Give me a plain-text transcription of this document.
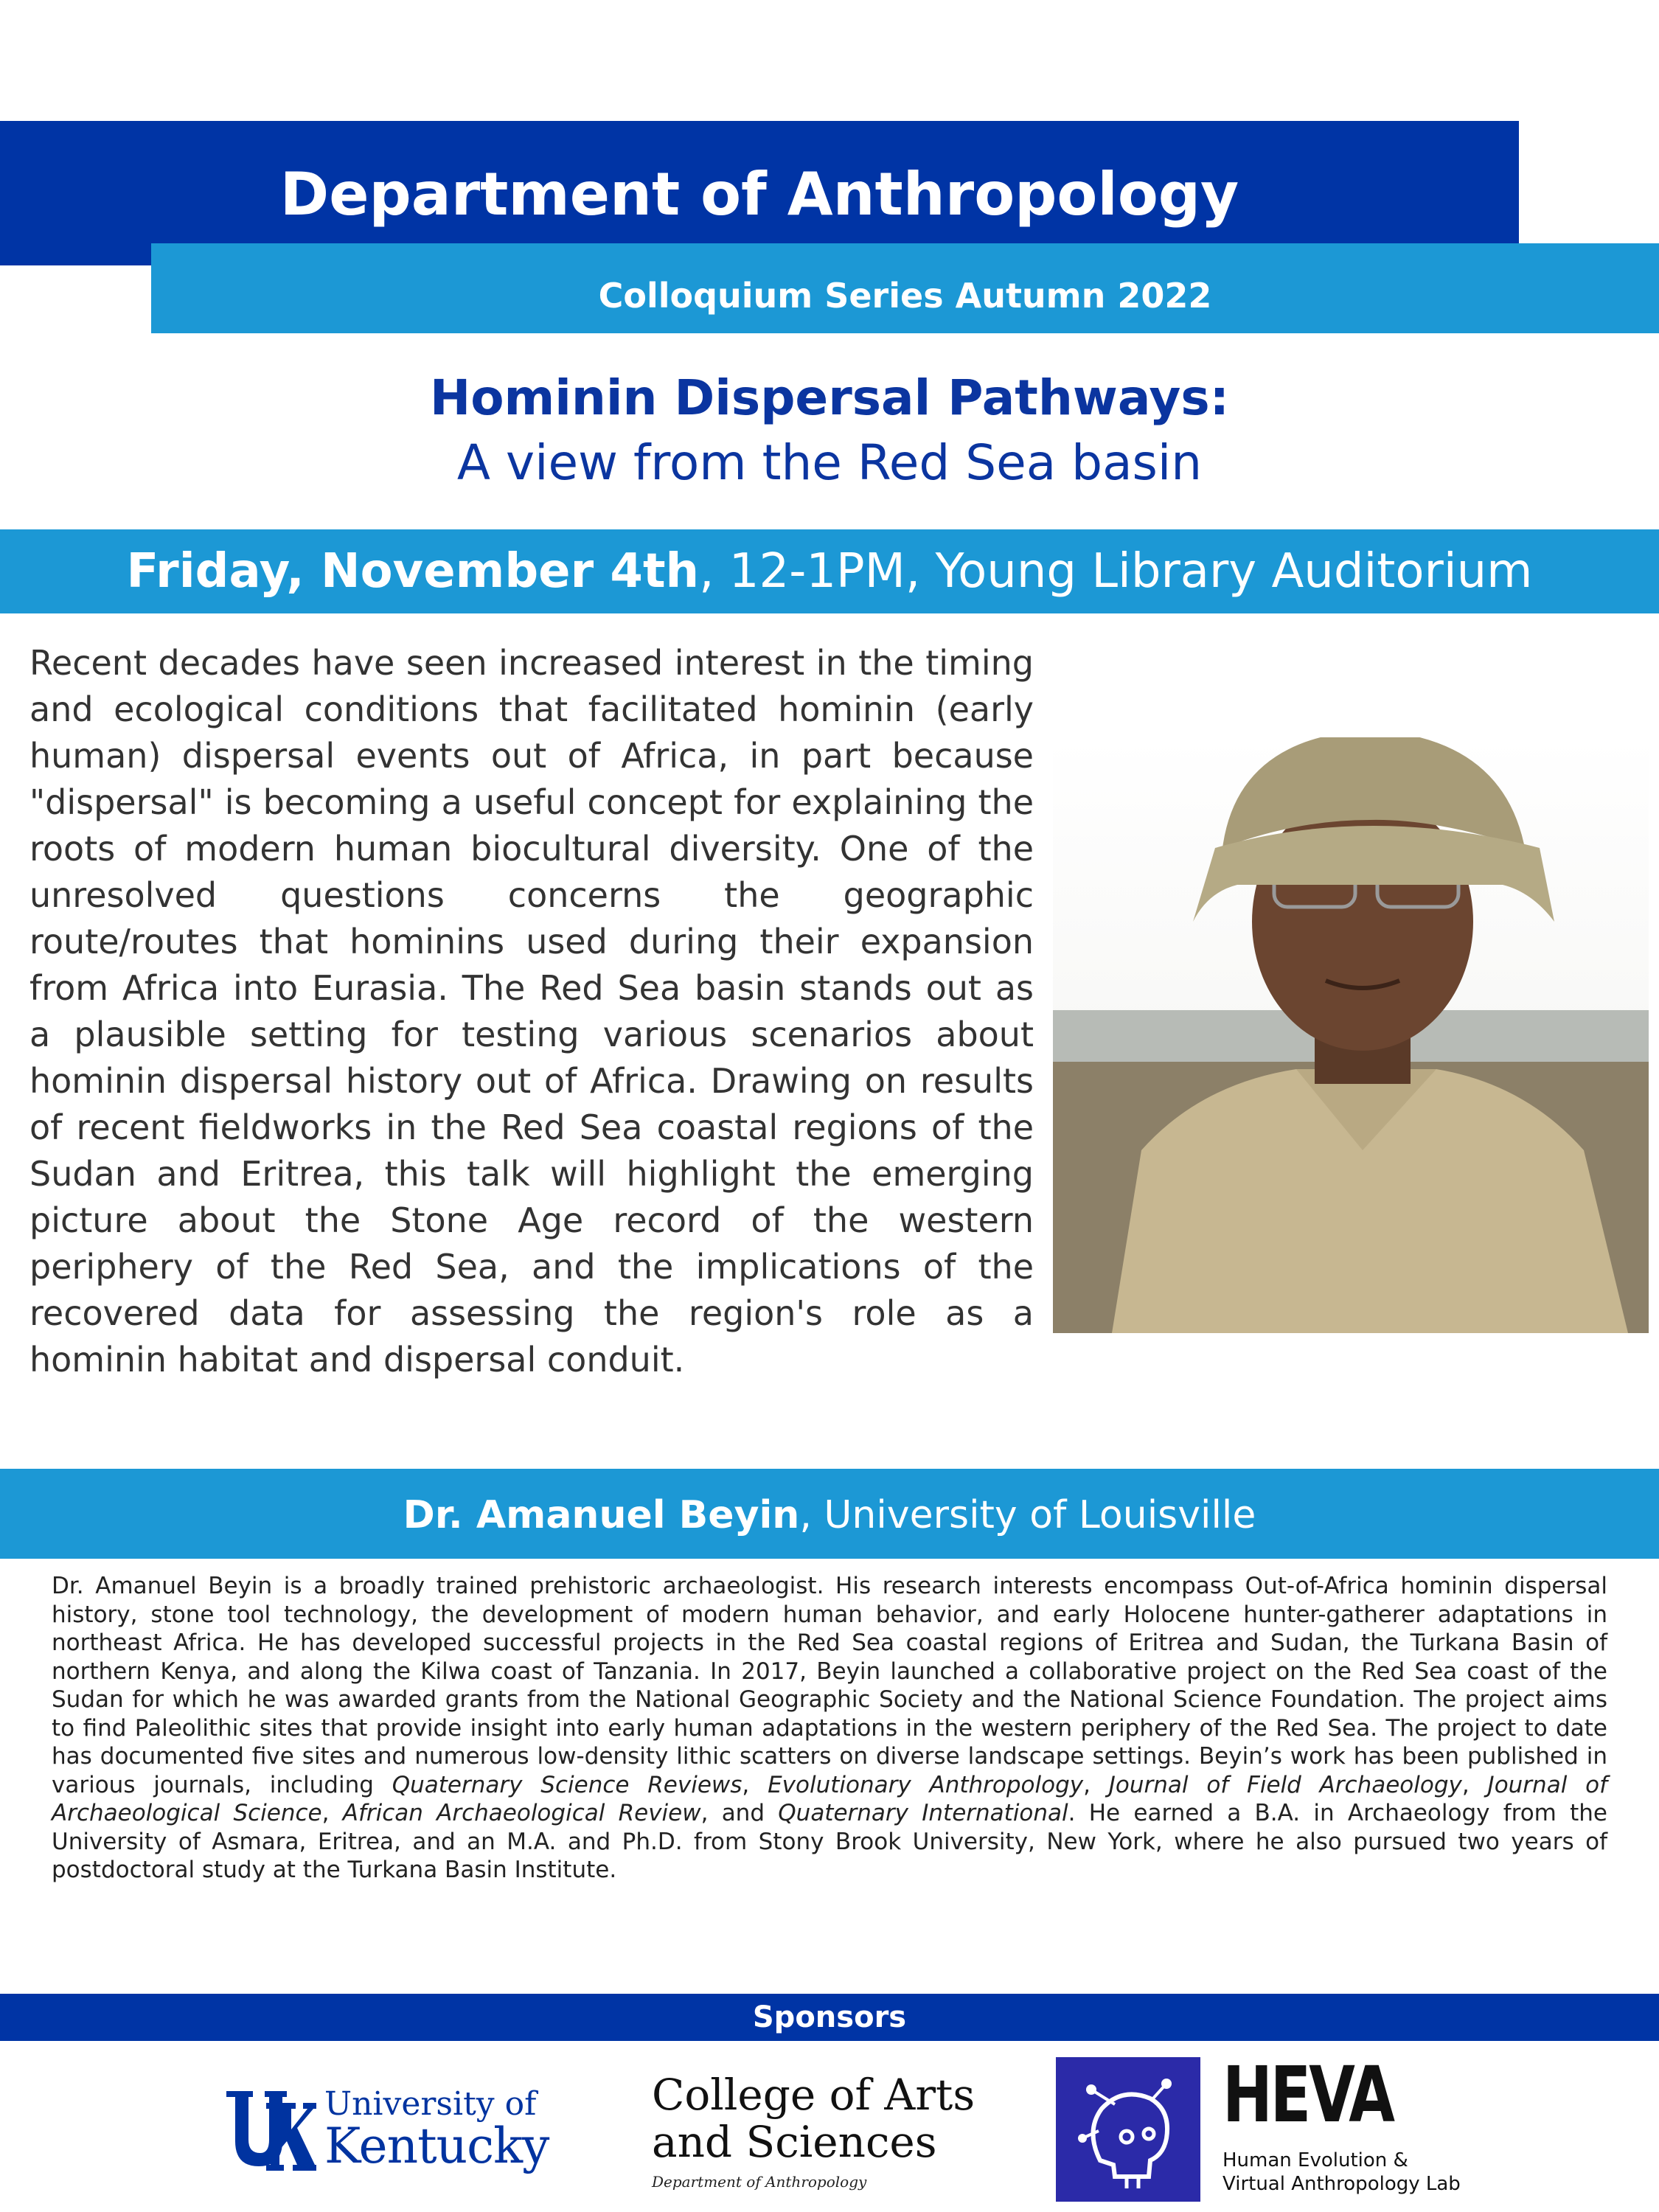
Department of Anthropology
Colloquium Series Autumn 2022
Hominin Dispersal Pathways:
A view from the Red Sea basin
Friday, November 4th, 12-1PM, Young Library Auditorium
Recent decades have seen increased interest in the timing and ecological conditions that facilitated hominin (early human) dispersal events out of Africa, in part because "dispersal" is becoming a useful concept for explaining the roots of modern human biocultural diversity. One of the unresolved questions concerns the geographic route/routes that hominins used during their expansion from Africa into Eurasia. The Red Sea basin stands out as a plausible setting for testing various scenarios about hominin dispersal history out of Africa. Drawing on results of recent fieldworks in the Red Sea coastal regions of the Sudan and Eritrea, this talk will highlight the emerging picture about the Stone Age record of the western periphery of the Red Sea, and the implications of the recovered data for assessing the region's role as a hominin habitat and dispersal conduit.
Dr. Amanuel Beyin, University of Louisville
Dr. Amanuel Beyin is a broadly trained prehistoric archaeologist. His research interests encompass Out-of-Africa hominin dispersal history, stone tool technology, the development of modern human behavior, and early Holocene hunter-gatherer adaptations in northeast Africa. He has developed successful projects in the Red Sea coastal regions of Eritrea and Sudan, the Turkana Basin of northern Kenya, and along the Kilwa coast of Tanzania. In 2017, Beyin launched a collaborative project on the Red Sea coast of the Sudan for which he was awarded grants from the National Geographic Society and the National Science Foundation. The project aims to find Paleolithic sites that provide insight into early human adaptations in the western periphery of the Red Sea. The project to date has documented five sites and numerous low-density lithic scatters on diverse landscape settings. Beyin’s work has been published in various journals, including Quaternary Science Reviews, Evolutionary Anthropology, Journal of Field Archaeology, Journal of Archaeological Science, African Archaeological Review, and Quaternary International. He earned a B.A. in Archaeology from the University of Asmara, Eritrea, and an M.A. and Ph.D. from Stony Brook University, New York, where he also pursued two years of postdoctoral study at the Turkana Basin Institute.
Sponsors
University of
Kentucky
College of Arts
and Sciences
Department of Anthropology
HEVA
Human Evolution &
Virtual Anthropology Lab
